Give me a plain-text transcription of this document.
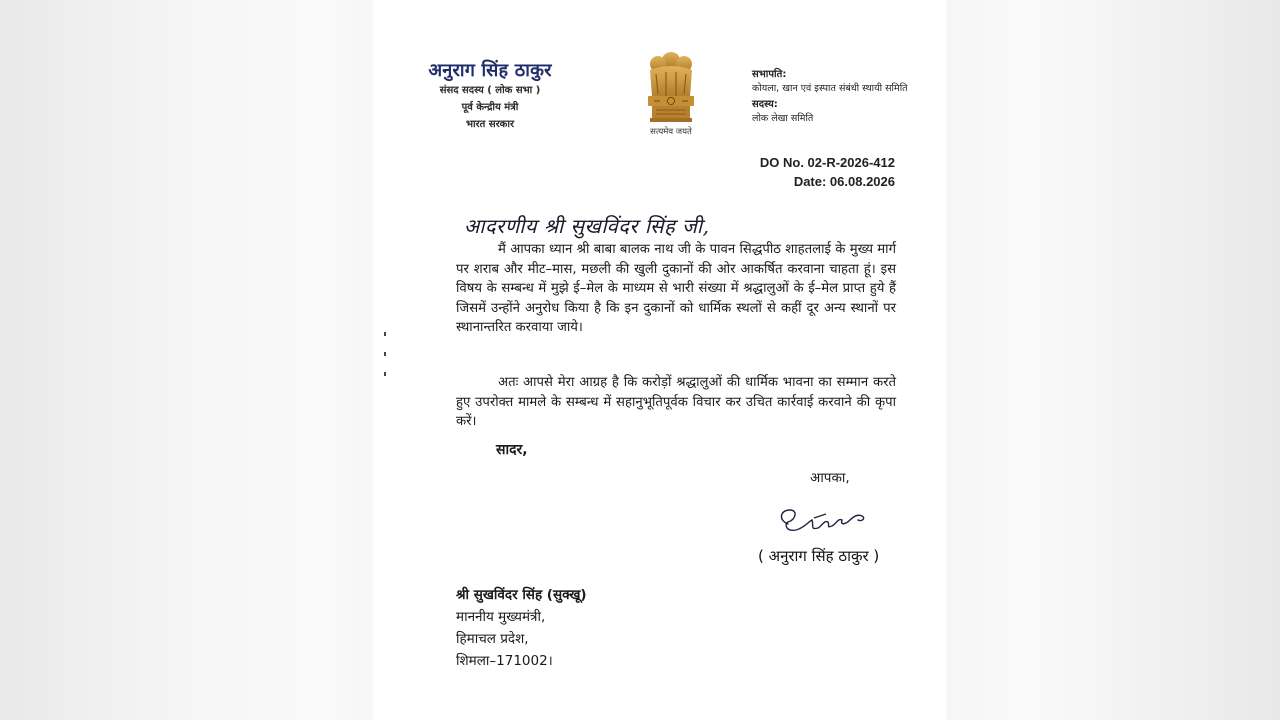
अनुराग सिंह ठाकुर
संसद सदस्य ( लोक सभा )
पूर्व केन्द्रीय मंत्री
भारत सरकार
सत्यमेव जयते
सभापति:
कोयला, खान एवं इस्पात संबंधी स्थायी समिति
सदस्य:
लोक लेखा समिति
DO No. 02-R-2026-412
Date: 06.08.2026
आदरणीय श्री सुखविंदर सिंह जी,
मैं आपका ध्यान श्री बाबा बालक नाथ जी के पावन सिद्धपीठ शाहतलाई के मुख्य मार्ग पर शराब और मीट–मास, मछली की खुली दुकानों की ओर आकर्षित करवाना चाहता हूं। इस विषय के सम्बन्ध में मुझे ई–मेल के माध्यम से भारी संख्या में श्रद्धालुओं के ई–मेल प्राप्त हुये हैं जिसमें उन्होंने अनुरोध किया है कि इन दुकानों को धार्मिक स्थलों से कहीं दूर अन्य स्थानों पर स्थानान्तरित करवाया जाये।
अतः आपसे मेरा आग्रह है कि करोड़ों श्रद्धालुओं की धार्मिक भावना का सम्मान करते हुए उपरोक्त मामले के सम्बन्ध में सहानुभूतिपूर्वक विचार कर उचित कार्रवाई करवाने की कृपा करें।
सादर,
आपका,
( अनुराग सिंह ठाकुर )
श्री सुखविंदर सिंह (सुक्खू)
माननीय मुख्यमंत्री,
हिमाचल प्रदेश,
शिमला–171002।
